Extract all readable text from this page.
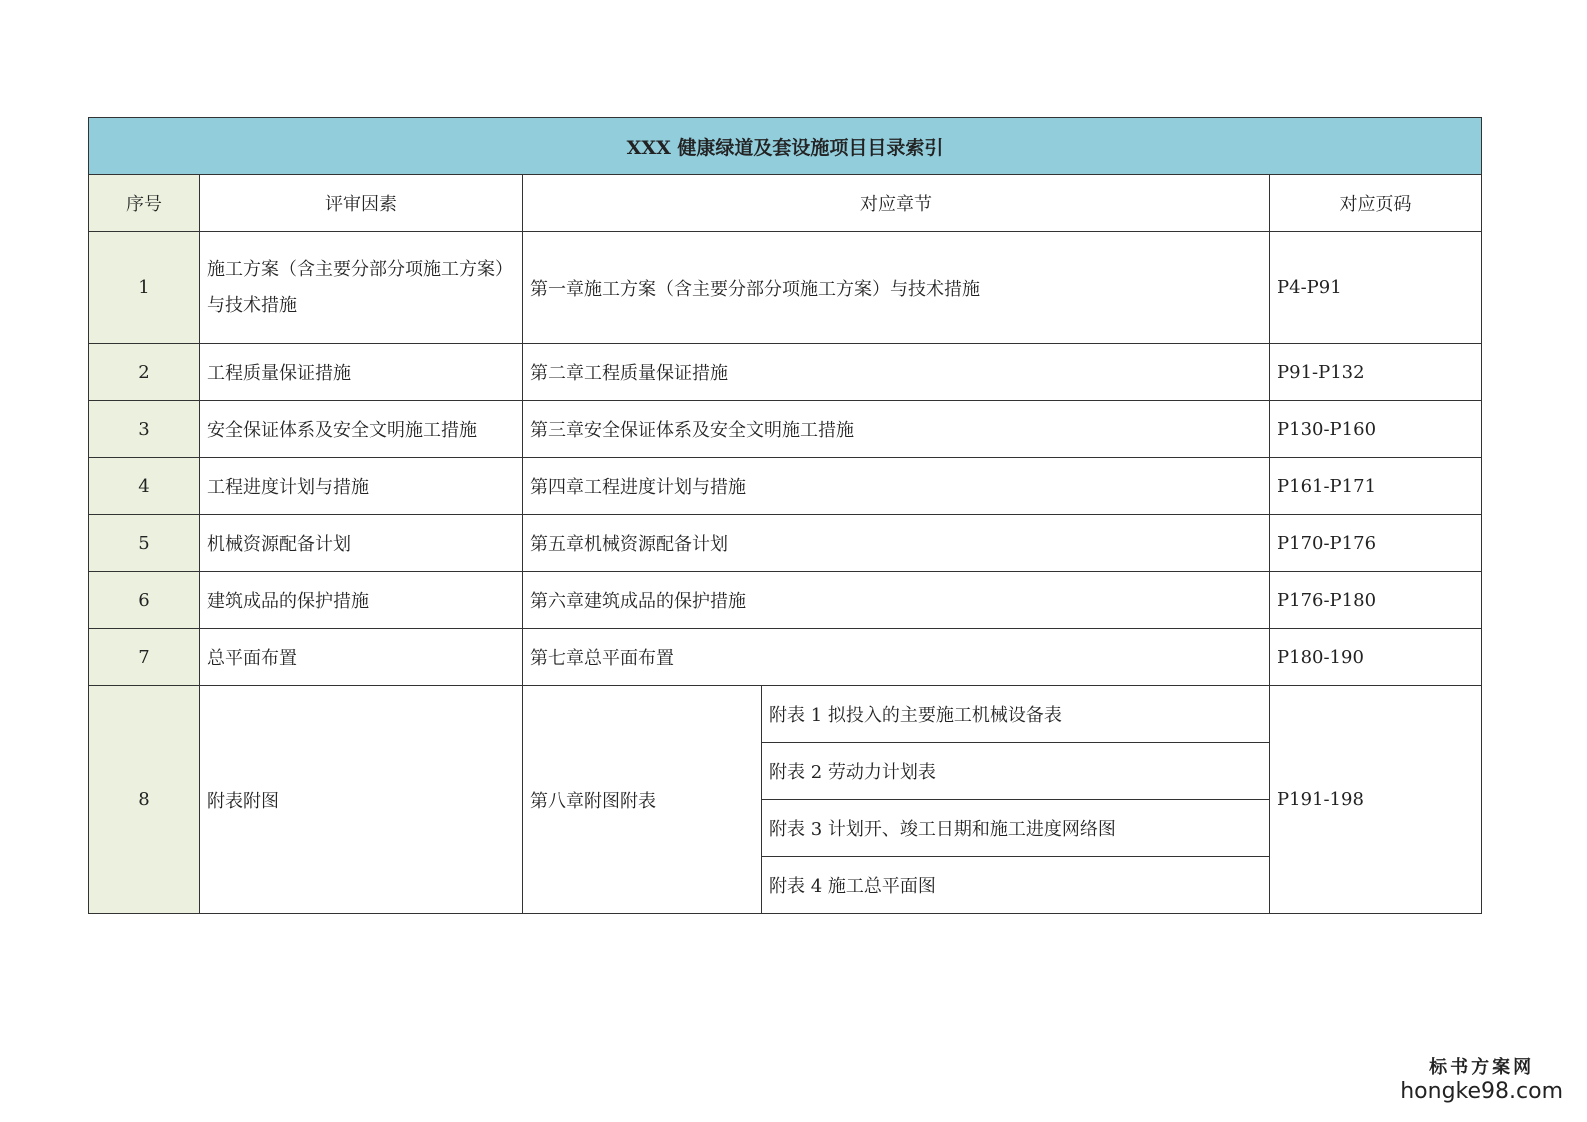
XXX 健康绿道及套设施项目目录索引				
序号	评审因素	对应章节		对应页码
1	施工方案（含主要分部分项施工方案）与技术措施	第一章施工方案（含主要分部分项施工方案）与技术措施		P4-P91
2	工程质量保证措施	第二章工程质量保证措施		P91-P132
3	安全保证体系及安全文明施工措施	第三章安全保证体系及安全文明施工措施		P130-P160
4	工程进度计划与措施	第四章工程进度计划与措施		P161-P171
5	机械资源配备计划	第五章机械资源配备计划		P170-P176
6	建筑成品的保护措施	第六章建筑成品的保护措施		P176-P180
7	总平面布置	第七章总平面布置		P180-190
8	附表附图	第八章附图附表	附表 1 拟投入的主要施工机械设备表	P191-198
			附表 2 劳动力计划表	
			附表 3 计划开、竣工日期和施工进度网络图	
			附表 4 施工总平面图	
标书方案网
hongke98.com
